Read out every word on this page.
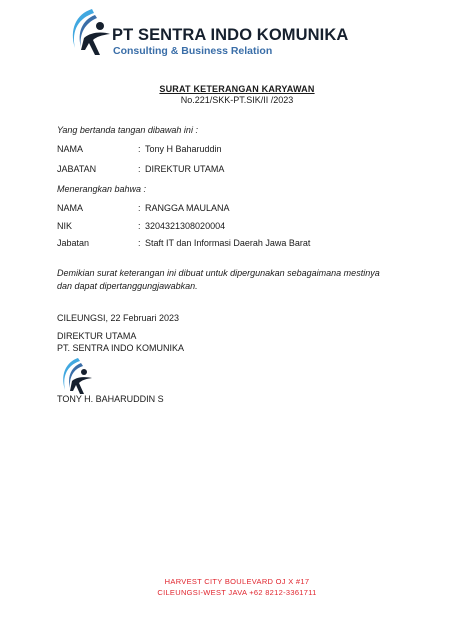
PT SENTRA INDO KOMUNIKA
Consulting & Business Relation
SURAT KETERANGAN KARYAWAN
No.221/SKK-PT.SIK/II /2023
Yang bertanda tangan dibawah ini :
NAMA	: Tony H Baharuddin
JABATAN	: DIREKTUR UTAMA
Menerangkan bahwa :
NAMA	: RANGGA MAULANA
NIK	: 3204321308020004
Jabatan	: Staft IT dan Informasi Daerah Jawa Barat
Demikian surat keterangan ini dibuat untuk dipergunakan sebagaimana mestinya
dan dapat dipertanggungjawabkan.
CILEUNGSI, 22 Februari 2023
DIREKTUR UTAMA
PT. SENTRA INDO KOMUNIKA
TONY H. BAHARUDDIN S
HARVEST CITY BOULEVARD OJ X #17
CILEUNGSI-WEST JAVA +62 8212-3361711
